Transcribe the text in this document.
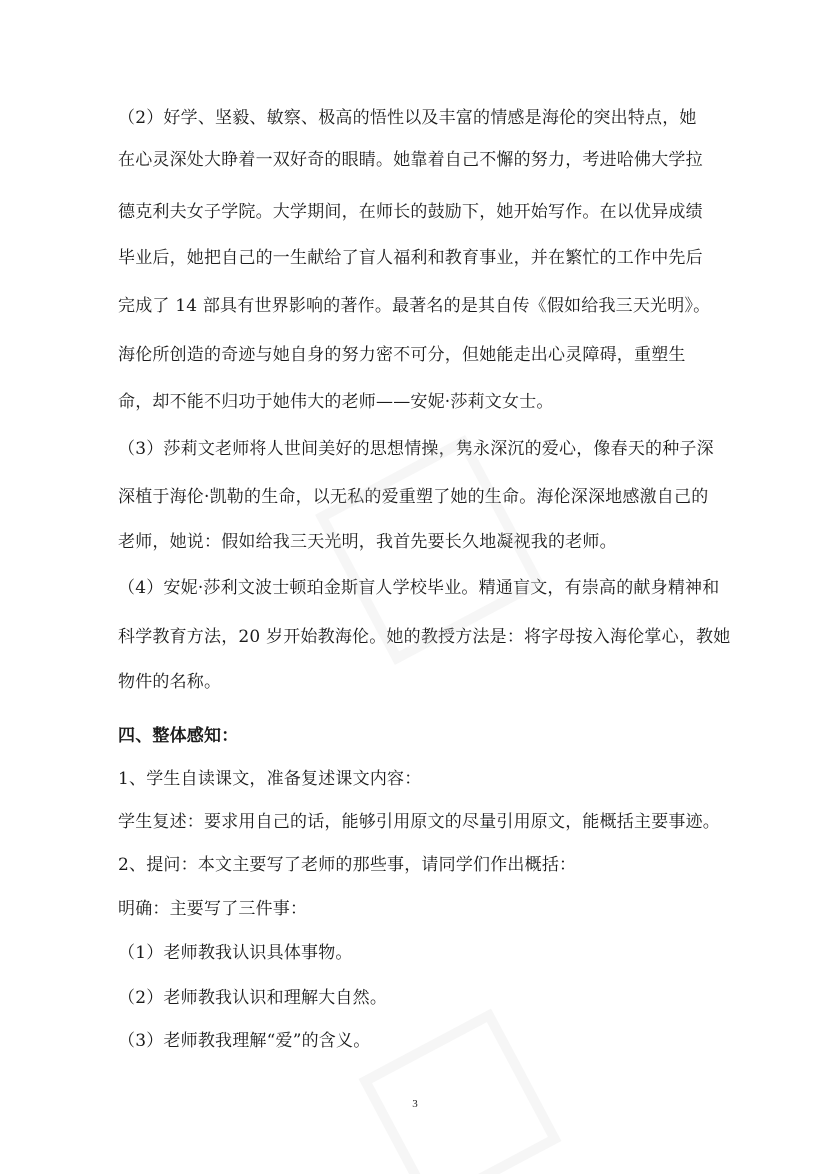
（2）好学、坚毅、敏察、极高的悟性以及丰富的情感是海伦的突出特点，她
在心灵深处大睁着一双好奇的眼睛。她靠着自己不懈的努力，考进哈佛大学拉
德克利夫女子学院。大学期间，在师长的鼓励下，她开始写作。在以优异成绩
毕业后，她把自己的一生献给了盲人福利和教育事业，并在繁忙的工作中先后
完成了 14 部具有世界影响的著作。最著名的是其自传《假如给我三天光明》。
海伦所创造的奇迹与她自身的努力密不可分，但她能走出心灵障碍，重塑生
命，却不能不归功于她伟大的老师——安妮·莎莉文女士。
（3）莎莉文老师将人世间美好的思想情操，隽永深沉的爱心，像春天的种子深
深植于海伦·凯勒的生命，以无私的爱重塑了她的生命。海伦深深地感激自己的
老师，她说：假如给我三天光明，我首先要长久地凝视我的老师。
（4）安妮·莎利文波士顿珀金斯盲人学校毕业。精通盲文，有崇高的献身精神和
科学教育方法，20 岁开始教海伦。她的教授方法是：将字母按入海伦掌心，教她
物件的名称。
四、整体感知：
1、学生自读课文，准备复述课文内容：
学生复述：要求用自己的话，能够引用原文的尽量引用原文，能概括主要事迹。
2、提问：本文主要写了老师的那些事，请同学们作出概括：
明确：主要写了三件事：
（1）老师教我认识具体事物。
（2）老师教我认识和理解大自然。
（3）老师教我理解“爱”的含义。
3
